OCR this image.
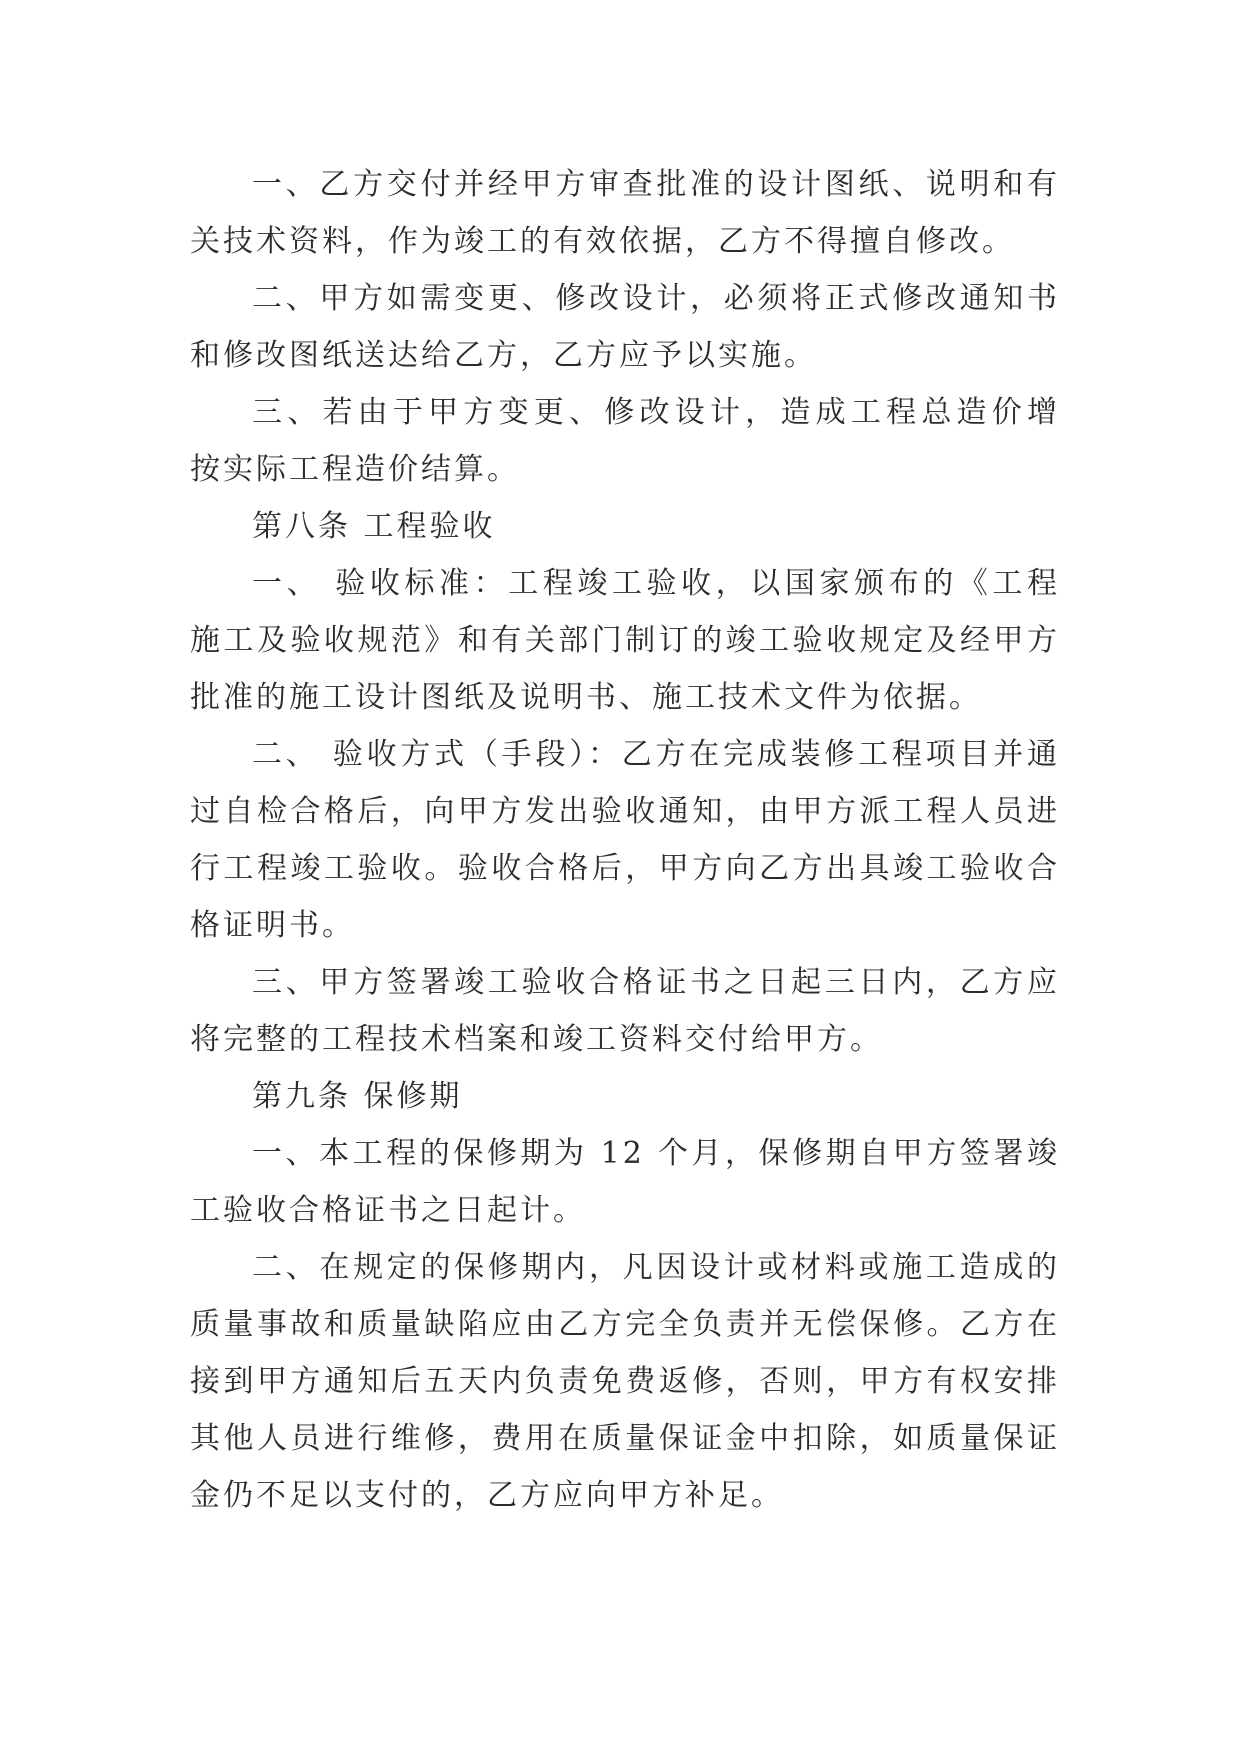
一、乙方交付并经甲方审查批准的设计图纸、说明和有
关技术资料，作为竣工的有效依据，乙方不得擅自修改。
二、甲方如需变更、修改设计，必须将正式修改通知书
和修改图纸送达给乙方，乙方应予以实施。
三、若由于甲方变更、修改设计，造成工程总造价增
按实际工程造价结算。
第八条 工程验收
一、 验收标准：工程竣工验收，以国家颁布的《工程
施工及验收规范》和有关部门制订的竣工验收规定及经甲方
批准的施工设计图纸及说明书、施工技术文件为依据。
二、 验收方式（手段）：乙方在完成装修工程项目并通
过自检合格后，向甲方发出验收通知，由甲方派工程人员进
行工程竣工验收。验收合格后，甲方向乙方出具竣工验收合
格证明书。
三、甲方签署竣工验收合格证书之日起三日内，乙方应
将完整的工程技术档案和竣工资料交付给甲方。
第九条 保修期
一、本工程的保修期为 12 个月，保修期自甲方签署竣
工验收合格证书之日起计。
二、在规定的保修期内，凡因设计或材料或施工造成的
质量事故和质量缺陷应由乙方完全负责并无偿保修。乙方在
接到甲方通知后五天内负责免费返修，否则，甲方有权安排
其他人员进行维修，费用在质量保证金中扣除，如质量保证
金仍不足以支付的，乙方应向甲方补足。
